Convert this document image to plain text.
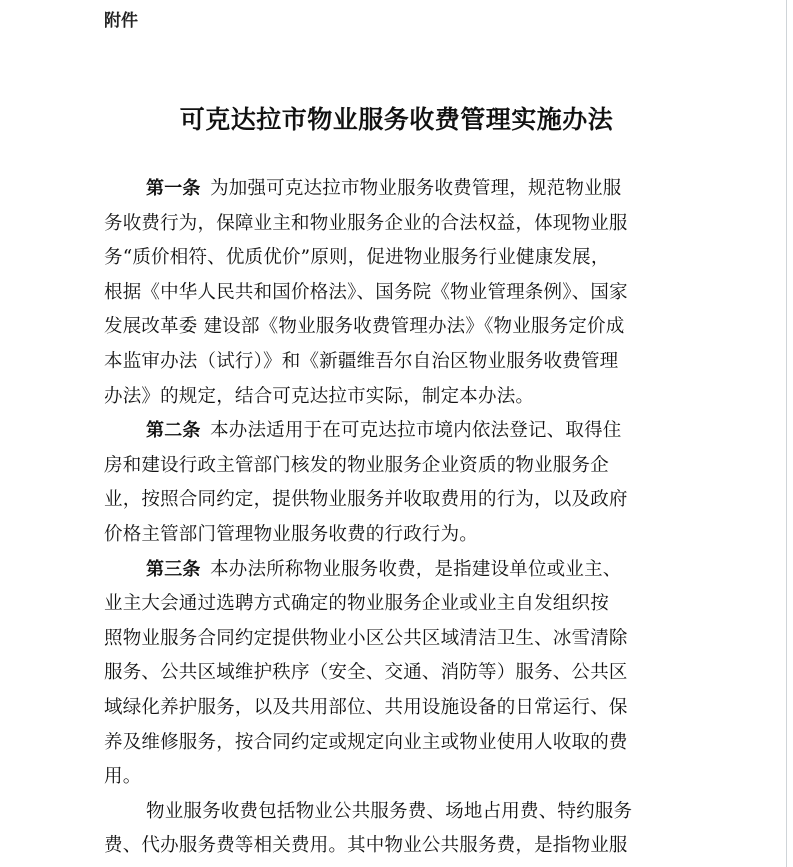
附件
可克达拉市物业服务收费管理实施办法
第一条  为加强可克达拉市物业服务收费管理，规范物业服
务收费行为，保障业主和物业服务企业的合法权益，体现物业服
务“质价相符、优质优价”原则，促进物业服务行业健康发展，
根据《中华人民共和国价格法》、国务院《物业管理条例》、国家
发展改革委 建设部《物业服务收费管理办法》《物业服务定价成
本监审办法（试行）》和《新疆维吾尔自治区物业服务收费管理
办法》的规定，结合可克达拉市实际，制定本办法。
第二条  本办法适用于在可克达拉市境内依法登记、取得住
房和建设行政主管部门核发的物业服务企业资质的物业服务企
业，按照合同约定，提供物业服务并收取费用的行为，以及政府
价格主管部门管理物业服务收费的行政行为。
第三条  本办法所称物业服务收费，是指建设单位或业主、
业主大会通过选聘方式确定的物业服务企业或业主自发组织按
照物业服务合同约定提供物业小区公共区域清洁卫生、冰雪清除
服务、公共区域维护秩序（安全、交通、消防等）服务、公共区
域绿化养护服务，以及共用部位、共用设施设备的日常运行、保
养及维修服务，按合同约定或规定向业主或物业使用人收取的费
用。
物业服务收费包括物业公共服务费、场地占用费、特约服务
费、代办服务费等相关费用。其中物业公共服务费，是指物业服
